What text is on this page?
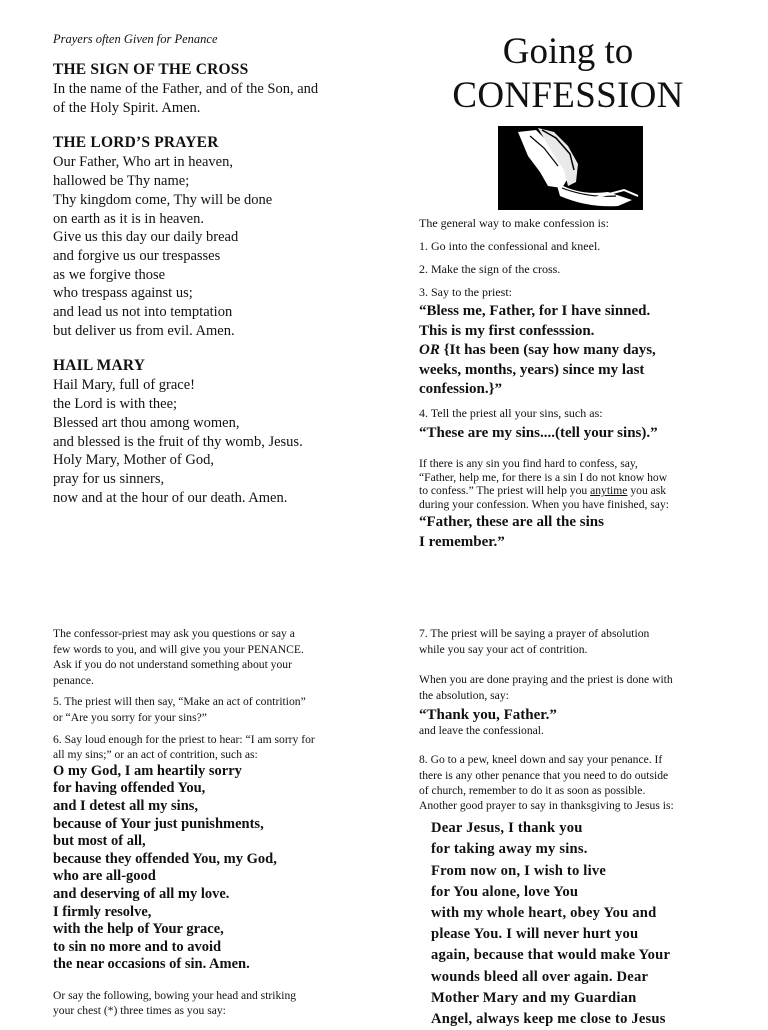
Prayers often Given for Penance

THE SIGN OF THE CROSS

In the name of the Father, and of the Son, and
of the Holy Spirit. Amen.

THE LORD’S PRAYER

Our Father, Who art in heaven,
hallowed be Thy name;
Thy kingdom come, Thy will be done
on earth as it is in heaven.
Give us this day our daily bread
and forgive us our trespasses
as we forgive those
who trespass against us;
and lead us not into temptation
but deliver us from evil. Amen.

HAIL MARY

Hail Mary, full of grace!
the Lord is with thee;
Blessed art thou among women,
and blessed is the fruit of thy womb, Jesus.
Holy Mary, Mother of God,
pray for us sinners,
now and at the hour of our death. Amen.

Going to

CONFESSION

The general way to make confession is:

1. Go into the confessional and kneel.

2. Make the sign of the cross.

3. Say to the priest:

“Bless me, Father, for I have sinned.
This is my first confesssion.
OR {It has been (say how many days,
weeks, months, years) since my last
confession.}”

4. Tell the priest all your sins, such as:

“These are my sins....(tell your sins).”

If there is any sin you find hard to confess, say,
“Father, help me, for there is a sin I do not know how
to confess.” The priest will help you anytime you ask
during your confession. When you have finished, say:
“Father, these are all the sins
I remember.”
The confessor-priest may ask you questions or say a
few words to you, and will give you your PENANCE.
Ask if you do not understand something about your
penance.
5. The priest will then say, “Make an act of contrition”
or “Are you sorry for your sins?”
6. Say loud enough for the priest to hear: “I am sorry for
all my sins;” or an act of contrition, such as:
O my God, I am heartily sorry
for having offended You,
and I detest all my sins,
because of Your just punishments,
but most of all,
because they offended You, my God,
who are all-good
and deserving of all my love.
I firmly resolve,
with the help of Your grace,
to sin no more and to avoid
the near occasions of sin. Amen.
Or say the following, bowing your head and striking
your chest (*) three times as you say:
7. The priest will be saying a prayer of absolution
while you say your act of contrition.
When you are done praying and the priest is done with
the absolution, say:

“Thank you, Father.”

and leave the confessional.

8. Go to a pew, kneel down and say your penance. If
there is any other penance that you need to do outside
of church, remember to do it as soon as possible.
Another good prayer to say in thanksgiving to Jesus is:
Dear Jesus, I thank you
for taking away my sins.
From now on, I wish to live
for You alone, love You
with my whole heart, obey You and
please You. I will never hurt you
again, because that would make Your
wounds bleed all over again. Dear
Mother Mary and my Guardian
Angel, always keep me close to Jesus
